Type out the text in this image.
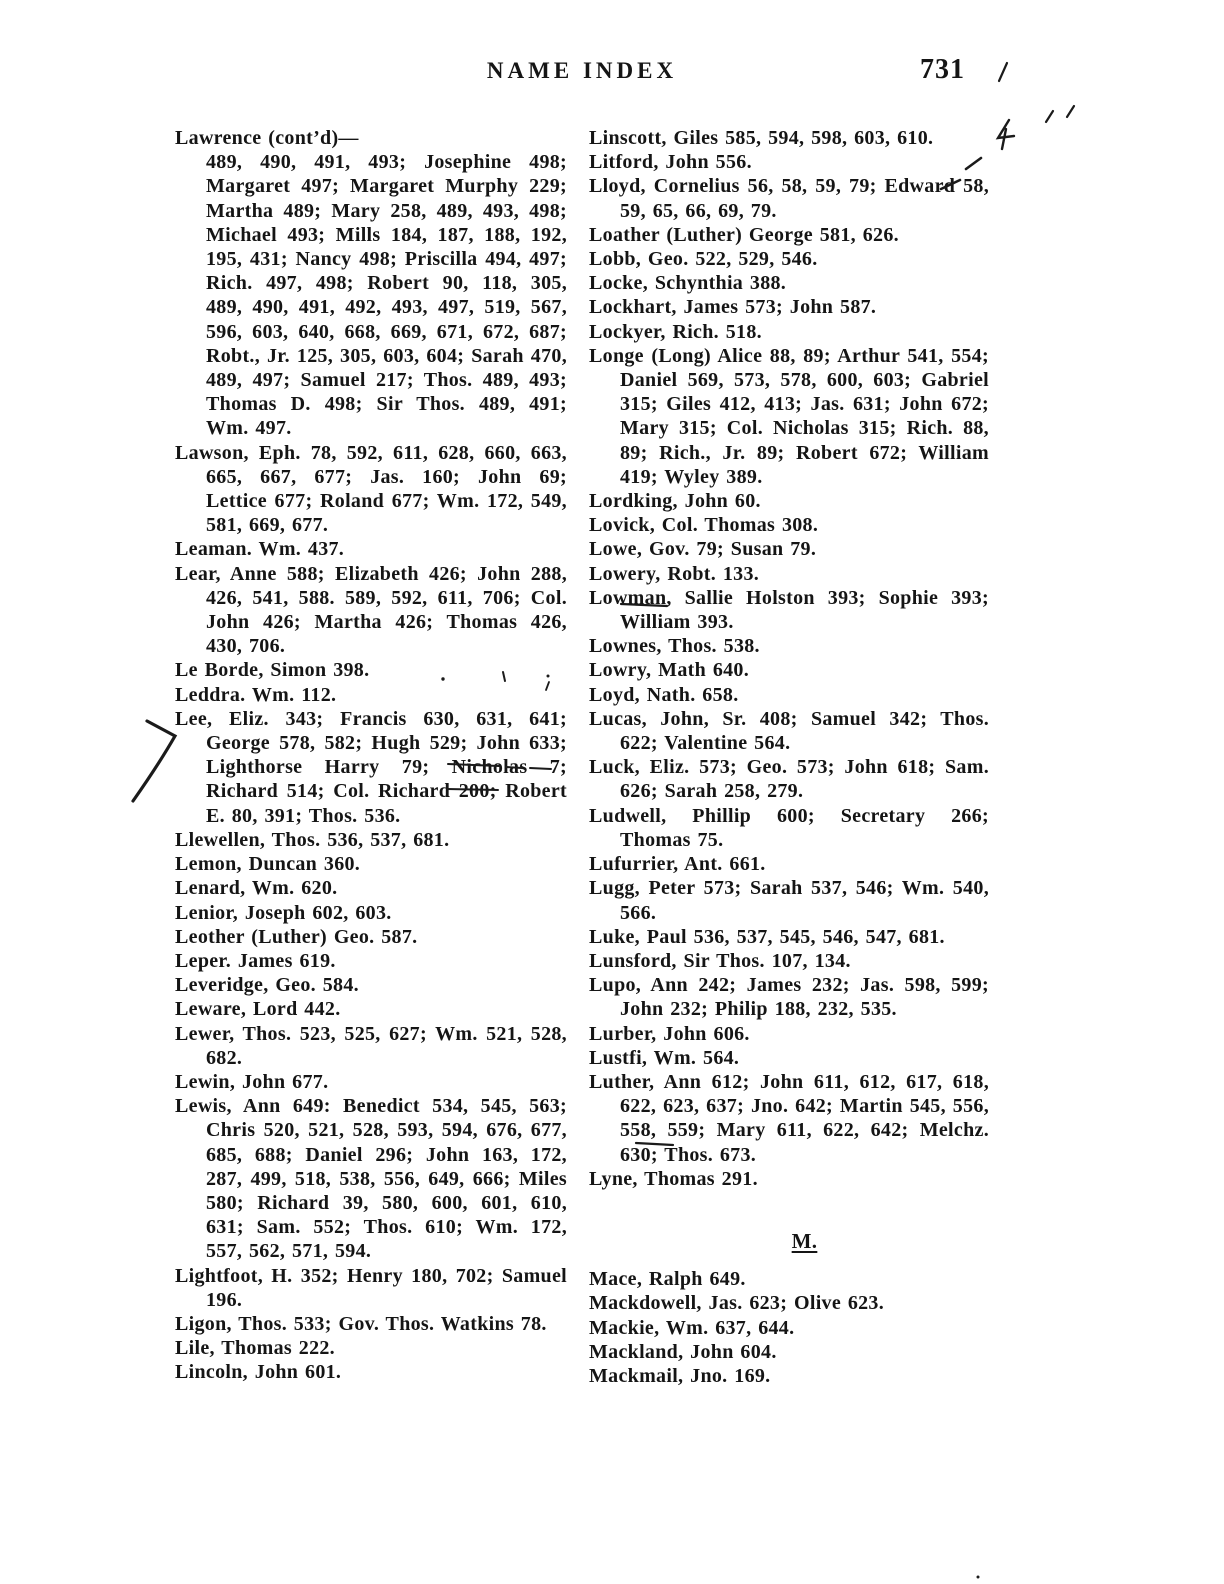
NAME INDEX	731

Lawrence (cont’d)—

489, 490, 491, 493; Josephine 498; Margaret 497; Margaret Murphy 229; Martha 489; Mary 258, 489, 493, 498; Michael 493; Mills 184, 187, 188, 192, 195, 431; Nancy 498; Priscilla 494, 497; Rich. 497, 498; Robert 90, 118, 305, 489, 490, 491, 492, 493, 497, 519, 567, 596, 603, 640, 668, 669, 671, 672, 687; Robt., Jr. 125, 305, 603, 604; Sarah 470, 489, 497; Samuel 217; Thos. 489, 493; Thomas D. 498; Sir Thos. 489, 491; Wm. 497.

Lawson, Eph. 78, 592, 611, 628, 660, 663, 665, 667, 677; Jas. 160; John 69; Lettice 677; Roland 677; Wm. 172, 549, 581, 669, 677.

Leaman. Wm. 437.

Lear, Anne 588; Elizabeth 426; John 288, 426, 541, 588. 589, 592, 611, 706; Col. John 426; Martha 426; Thomas 426, 430, 706.

Le Borde, Simon 398.

Leddra. Wm. 112.

Lee, Eliz. 343; Francis 630, 631, 641; George 578, 582; Hugh 529; John 633; Lighthorse Harry 79; Nicholas 7; Richard 514; Col. Richard 200; Robert E. 80, 391; Thos. 536.

Llewellen, Thos. 536, 537, 681.

Lemon, Duncan 360.

Lenard, Wm. 620.

Lenior, Joseph 602, 603.

Leother (Luther) Geo. 587.

Leper. James 619.

Leveridge, Geo. 584.

Leware, Lord 442.

Lewer, Thos. 523, 525, 627; Wm. 521, 528, 682.

Lewin, John 677.

Lewis, Ann 649: Benedict 534, 545, 563; Chris 520, 521, 528, 593, 594, 676, 677, 685, 688; Daniel 296; John 163, 172, 287, 499, 518, 538, 556, 649, 666; Miles 580; Richard 39, 580, 600, 601, 610, 631; Sam. 552; Thos. 610; Wm. 172, 557, 562, 571, 594.

Lightfoot, H. 352; Henry 180, 702; Samuel 196.

Ligon, Thos. 533; Gov. Thos. Watkins 78.

Lile, Thomas 222.

Lincoln, John 601.

Linscott, Giles 585, 594, 598, 603, 610.

Litford, John 556.

Lloyd, Cornelius 56, 58, 59, 79; Edward 58, 59, 65, 66, 69, 79.

Loather (Luther) George 581, 626.

Lobb, Geo. 522, 529, 546.

Locke, Schynthia 388.

Lockhart, James 573; John 587.

Lockyer, Rich. 518.

Longe (Long) Alice 88, 89; Arthur 541, 554; Daniel 569, 573, 578, 600, 603; Gabriel 315; Giles 412, 413; Jas. 631; John 672; Mary 315; Col. Nicholas 315; Rich. 88, 89; Rich., Jr. 89; Robert 672; William 419; Wyley 389.

Lordking, John 60.

Lovick, Col. Thomas 308.

Lowe, Gov. 79; Susan 79.

Lowery, Robt. 133.

Lowman, Sallie Holston 393; Sophie 393; William 393.

Lownes, Thos. 538.

Lowry, Math 640.

Loyd, Nath. 658.

Lucas, John, Sr. 408; Samuel 342; Thos. 622; Valentine 564.

Luck, Eliz. 573; Geo. 573; John 618; Sam. 626; Sarah 258, 279.

Ludwell, Phillip 600; Secretary 266; Thomas 75.

Lufurrier, Ant. 661.

Lugg, Peter 573; Sarah 537, 546; Wm. 540, 566.

Luke, Paul 536, 537, 545, 546, 547, 681.

Lunsford, Sir Thos. 107, 134.

Lupo, Ann 242; James 232; Jas. 598, 599; John 232; Philip 188, 232, 535.

Lurber, John 606.

Lustfi, Wm. 564.

Luther, Ann 612; John 611, 612, 617, 618, 622, 623, 637; Jno. 642; Martin 545, 556, 558, 559; Mary 611, 622, 642; Melchz. 630; Thos. 673.

Lyne, Thomas 291.

M.

Mace, Ralph 649.

Mackdowell, Jas. 623; Olive 623.

Mackie, Wm. 637, 644.

Mackland, John 604.

Mackmail, Jno. 169.
